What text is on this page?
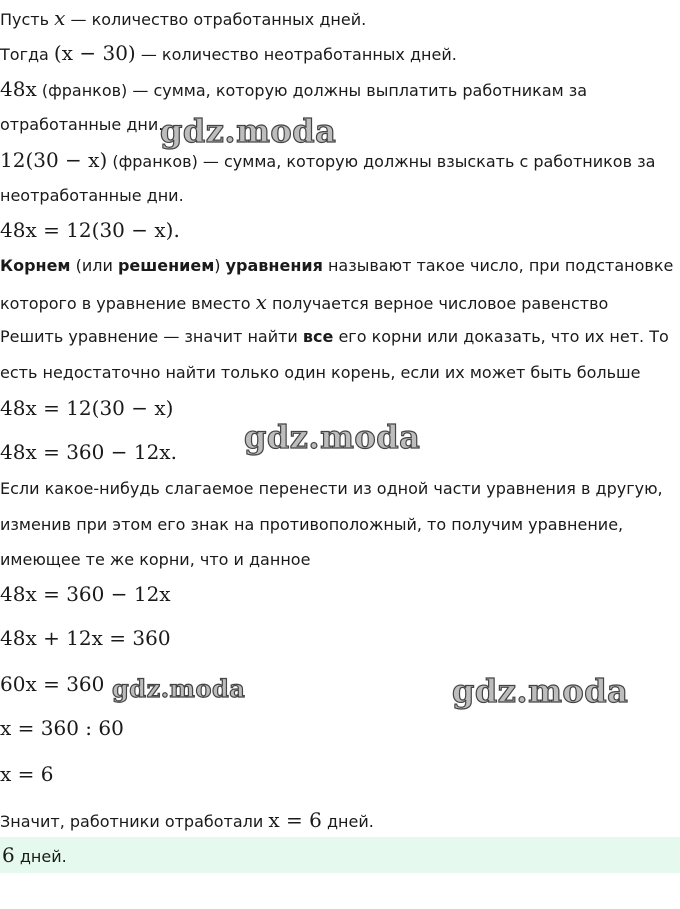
Пусть x — количество отработанных дней.
Тогда (x − 30) — количество неотработанных дней.
48x (франков) — сумма, которую должны выплатить работникам за
отработанные дни.
12(30 − x) (франков) — сумма, которую должны взыскать с работников за
неотработанные дни.
48x = 12(30 − x).
Корнем (или решением) уравнения называют такое число, при подстановке
которого в уравнение вместо x получается верное числовое равенство
Решить уравнение — значит найти все его корни или доказать, что их нет. То
есть недостаточно найти только один корень, если их может быть больше
48x = 12(30 − x)
48x = 360 − 12x.
Если какое-нибудь слагаемое перенести из одной части уравнения в другую,
изменив при этом его знак на противоположный, то получим уравнение,
имеющее те же корни, что и данное
48x = 360 − 12x
48x + 12x = 360
60x = 360
x = 360 : 60
x = 6
Значит, работники отработали x = 6 дней.
6 дней.
gdz.moda
gdz.moda
gdz.moda	gdz.moda
